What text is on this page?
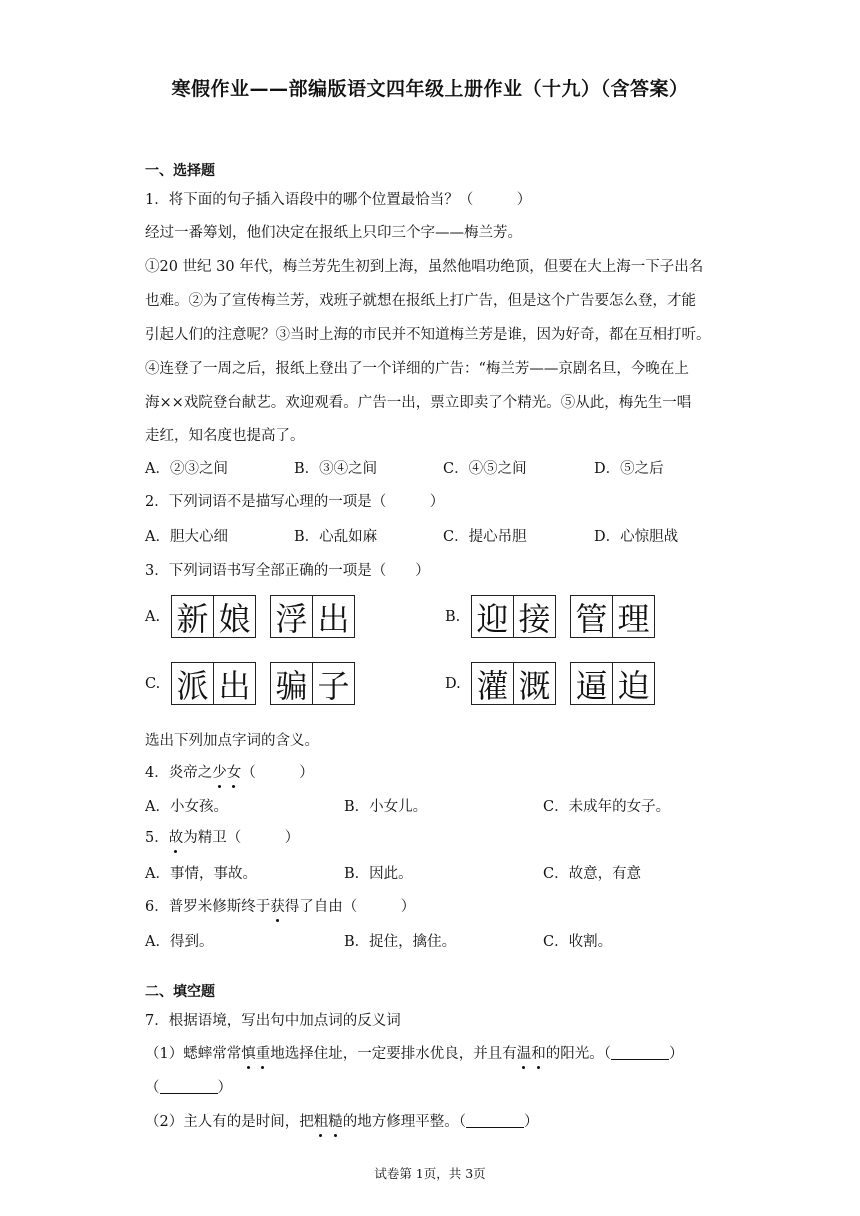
寒假作业——部编版语文四年级上册作业（十九）（含答案）
一、选择题
1．将下面的句子插入语段中的哪个位置最恰当？（　　　）
经过一番筹划，他们决定在报纸上只印三个字——梅兰芳。
①20 世纪 30 年代，梅兰芳先生初到上海，虽然他唱功绝顶，但要在大上海一下子出名
也难。②为了宣传梅兰芳，戏班子就想在报纸上打广告，但是这个广告要怎么登，才能
引起人们的注意呢？③当时上海的市民并不知道梅兰芳是谁，因为好奇，都在互相打听。
④连登了一周之后，报纸上登出了一个详细的广告：“梅兰芳——京剧名旦，今晚在上
海××戏院登台献艺。欢迎观看。广告一出，票立即卖了个精光。⑤从此，梅先生一唱
走红，知名度也提高了。
A．②③之间	B．③④之间	C．④⑤之间	D．⑤之后
2．下列词语不是描写心理的一项是（　　　）
A．胆大心细	B．心乱如麻	C．提心吊胆	D．心惊胆战
3．下列词语书写全部正确的一项是（　　）
A. 新 娘 浮 出	B. 迎 接 管 理
C. 派 出 骗 子	D. 灌 溉 逼 迫
选出下列加点字词的含义。
4．炎帝之少女（　　　）
A．小女孩。	B．小女儿。	C．未成年的女子。
5．故为精卫（　　　）
A．事情，事故。	B．因此。	C．故意，有意
6．普罗米修斯终于获得了自由（　　　）
A．得到。	B．捉住，擒住。	C．收割。
二、填空题
7．根据语境，写出句中加点词的反义词
（1）蟋蟀常常慎重地选择住址，一定要排水优良，并且有温和的阳光。（	）
（	）
（2）主人有的是时间，把粗糙的地方修理平整。（	）
试卷第 1页，共 3页
